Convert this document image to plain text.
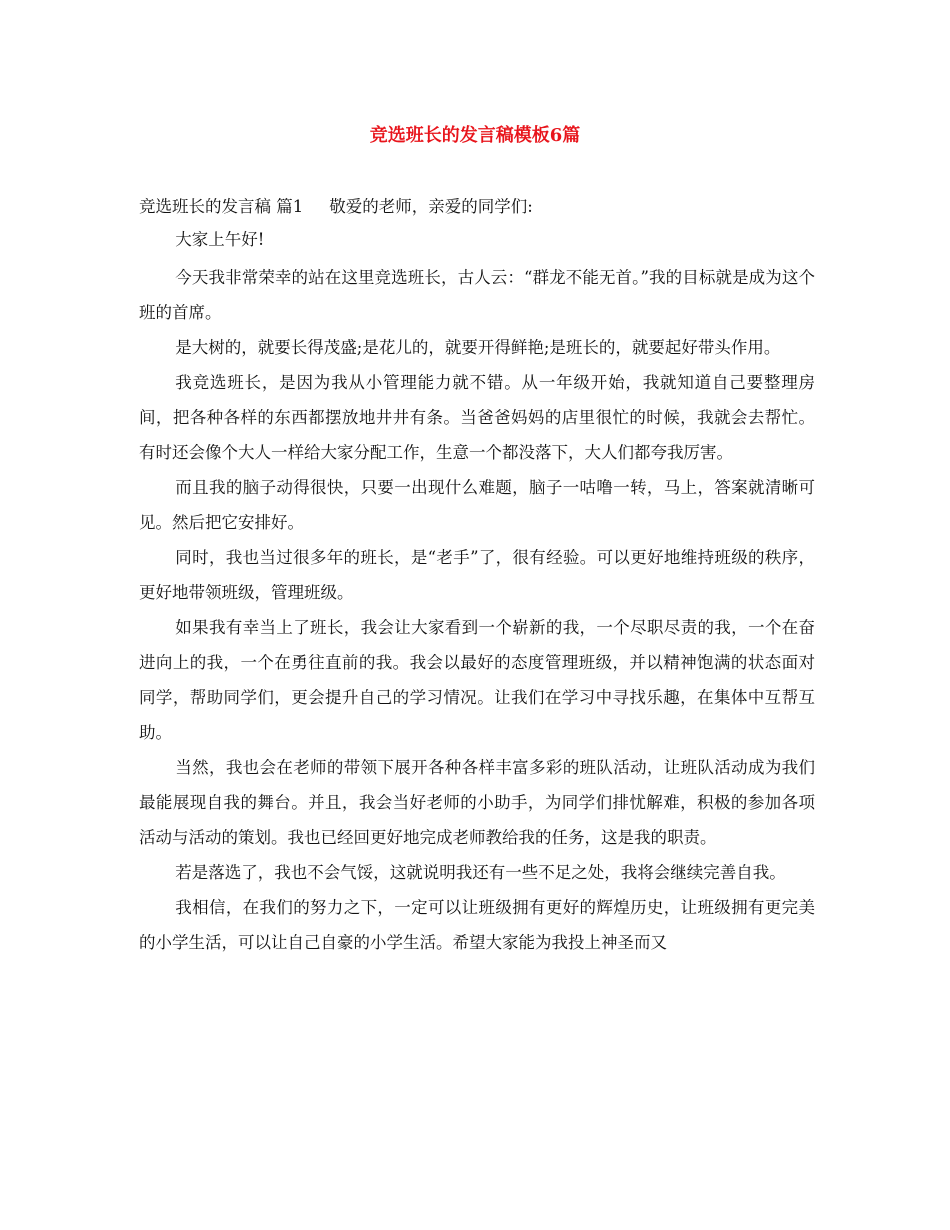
竞选班长的发言稿模板6篇
竞选班长的发言稿 篇1 敬爱的老师，亲爱的同学们:

大家上午好!

今天我非常荣幸的站在这里竞选班长，古人云：“群龙不能无首。”我的目标就是成为这个班的首席。

是大树的，就要长得茂盛;是花儿的，就要开得鲜艳;是班长的，就要起好带头作用。

我竞选班长，是因为我从小管理能力就不错。从一年级开始，我就知道自己要整理房间，把各种各样的东西都摆放地井井有条。当爸爸妈妈的店里很忙的时候，我就会去帮忙。有时还会像个大人一样给大家分配工作，生意一个都没落下，大人们都夸我厉害。

而且我的脑子动得很快，只要一出现什么难题，脑子一咕噜一转，马上，答案就清晰可见。然后把它安排好。

同时，我也当过很多年的班长，是“老手”了，很有经验。可以更好地维持班级的秩序，更好地带领班级，管理班级。

如果我有幸当上了班长，我会让大家看到一个崭新的我，一个尽职尽责的我，一个在奋进向上的我，一个在勇往直前的我。我会以最好的态度管理班级，并以精神饱满的状态面对同学，帮助同学们，更会提升自己的学习情况。让我们在学习中寻找乐趣，在集体中互帮互助。

当然，我也会在老师的带领下展开各种各样丰富多彩的班队活动，让班队活动成为我们最能展现自我的舞台。并且，我会当好老师的小助手，为同学们排忧解难，积极的参加各项活动与活动的策划。我也已经回更好地完成老师教给我的任务，这是我的职责。

若是落选了，我也不会气馁，这就说明我还有一些不足之处，我将会继续完善自我。

我相信，在我们的努力之下，一定可以让班级拥有更好的辉煌历史，让班级拥有更完美的小学生活，可以让自己自豪的小学生活。希望大家能为我投上神圣而又
